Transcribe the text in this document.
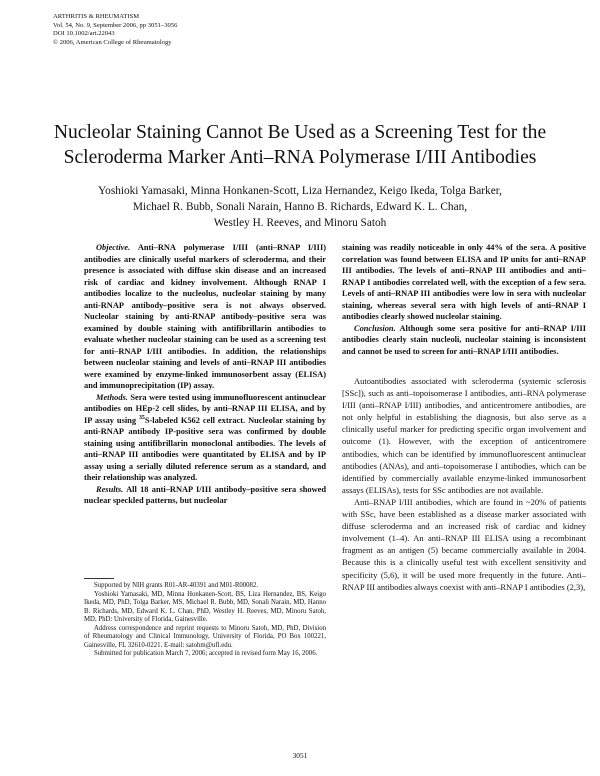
ARTHRITIS & RHEUMATISM
Vol. 54, No. 9, September 2006, pp 3051–3056
DOI 10.1002/art.22043
© 2006, American College of Rheumatology
Nucleolar Staining Cannot Be Used as a Screening Test for the
Scleroderma Marker Anti–RNA Polymerase I/III Antibodies
Yoshioki Yamasaki, Minna Honkanen-Scott, Liza Hernandez, Keigo Ikeda, Tolga Barker,
Michael R. Bubb, Sonali Narain, Hanno B. Richards, Edward K. L. Chan,
Westley H. Reeves, and Minoru Satoh

Objective. Anti–RNA polymerase I/III (anti–RNAP I/III) antibodies are clinically useful markers of scleroderma, and their presence is associated with diffuse skin disease and an increased risk of cardiac and kidney involvement. Although RNAP I antibodies localize to the nucleolus, nucleolar staining by many anti-RNAP antibody–positive sera is not always observed. Nucleolar staining by anti-RNAP antibody–positive sera was examined by double staining with antifibrillarin antibodies to evaluate whether nucleolar staining can be used as a screening test for anti–RNAP I/III antibodies. In addition, the relationships between nucleolar staining and levels of anti–RNAP III antibodies were examined by enzyme-linked immunosorbent assay (ELISA) and immunoprecipitation (IP) assay.

Methods. Sera were tested using immunofluorescent antinuclear antibodies on HEp-2 cell slides, by anti–RNAP III ELISA, and by IP assay using $^{35}$S-labeled K562 cell extract. Nucleolar staining by anti-RNAP antibody IP-positive sera was confirmed by double staining using antifibrillarin monoclonal antibodies. The levels of anti–RNAP III antibodies were quantitated by ELISA and by IP assay using a serially diluted reference serum as a standard, and their relationship was analyzed.

Results. All 18 anti–RNAP I/III antibody–positive sera showed nuclear speckled patterns, but nucleolar

Supported by NIH grants R01-AR-40391 and M01-R00082.

Yoshioki Yamasaki, MD, Minna Honkanen-Scott, BS, Liza Hernandez, BS, Keigo Ikeda, MD, PhD, Tolga Barker, MS, Michael R. Bubb, MD, Sonali Narain, MD, Hanno B. Richards, MD, Edward K. L. Chan, PhD, Westley H. Reeves, MD, Minoru Satoh, MD, PhD: University of Florida, Gainesville.

Address correspondence and reprint requests to Minoru Satoh, MD, PhD, Division of Rheumatology and Clinical Immunology, University of Florida, PO Box 100221, Gainesville, FL 32610-0221. E-mail: satohm@ufl.edu.

Submitted for publication March 7, 2006; accepted in revised form May 16, 2006.

staining was readily noticeable in only 44% of the sera. A positive correlation was found between ELISA and IP units for anti–RNAP III antibodies. The levels of anti–RNAP III antibodies and anti–RNAP I antibodies correlated well, with the exception of a few sera. Levels of anti–RNAP III antibodies were low in sera with nucleolar staining, whereas several sera with high levels of anti–RNAP I antibodies clearly showed nucleolar staining.

Conclusion. Although some sera positive for anti–RNAP I/III antibodies clearly stain nucleoli, nucleolar staining is inconsistent and cannot be used to screen for anti–RNAP I/III antibodies.

Autoantibodies associated with scleroderma (systemic sclerosis [SSc]), such as anti–topoisomerase I antibodies, anti–RNA polymerase I/III (anti–RNAP I/III) antibodies, and anticentromere antibodies, are not only helpful in establishing the diagnosis, but also serve as a clinically useful marker for predicting specific organ involvement and outcome (1). However, with the exception of anticentromere antibodies, which can be identified by immunofluorescent antinuclear antibodies (ANAs), and anti–topoisomerase I antibodies, which can be identified by commercially available enzyme-linked immunosorbent assays (ELISAs), tests for SSc antibodies are not available.

Anti–RNAP I/III antibodies, which are found in ~20% of patients with SSc, have been established as a disease marker associated with diffuse scleroderma and an increased risk of cardiac and kidney involvement (1–4). An anti–RNAP III ELISA using a recombinant fragment as an antigen (5) became commercially available in 2004. Because this is a clinically useful test with excellent sensitivity and specificity (5,6), it will be used more frequently in the future. Anti–RNAP III antibodies always coexist with anti–RNAP I antibodies (2,3),

3051
